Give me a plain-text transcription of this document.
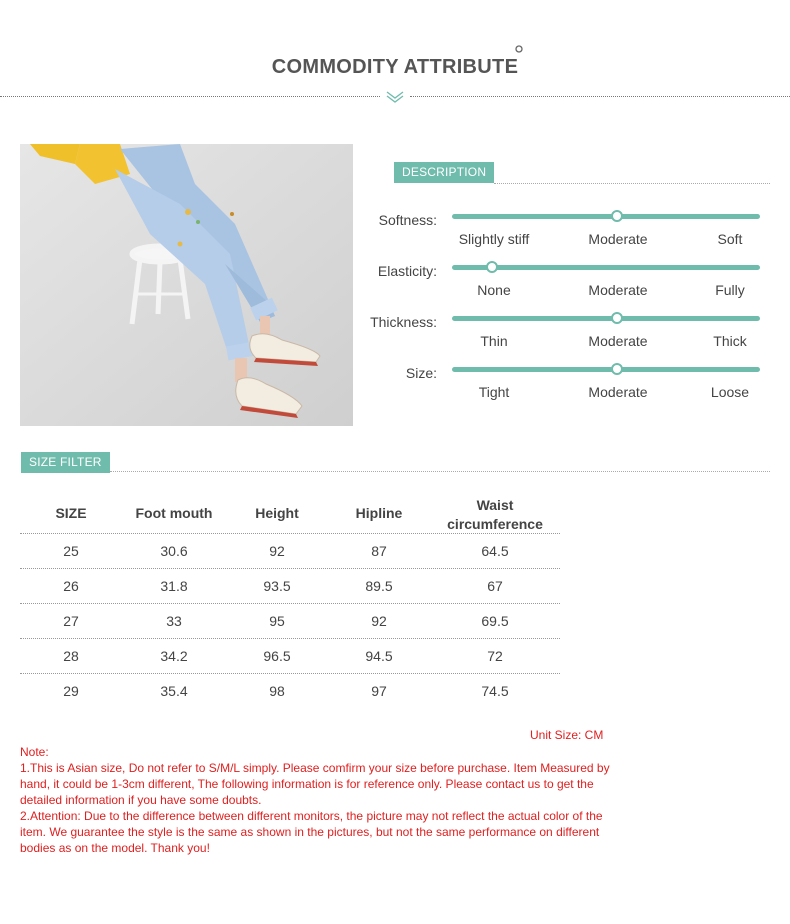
COMMODITY ATTRIBUTE
DESCRIPTION
Softness:
Slightly stiff	Moderate	Soft
Elasticity:
None	Moderate	Fully
Thickness:
Thin	Moderate	Thick
Size:
Tight	Moderate	Loose
SIZE FILTER
SIZE	Foot mouth	Height	Hipline	Waist circumference
25	30.6	92	87	64.5
26	31.8	93.5	89.5	67
27	33	95	92	69.5
28	34.2	96.5	94.5	72
29	35.4	98	97	74.5
Unit Size: CM

Note:

1.This is Asian size, Do not refer to S/M/L simply. Please comfirm your size before purchase. Item Measured by hand, it could be 1-3cm different, The following information is for reference only. Please contact us to get the detailed information if you have some doubts.

2.Attention: Due to the difference between different monitors, the picture may not reflect the actual color of the item. We guarantee the style is the same as shown in the pictures, but not the same performance on different bodies as on the model. Thank you!
